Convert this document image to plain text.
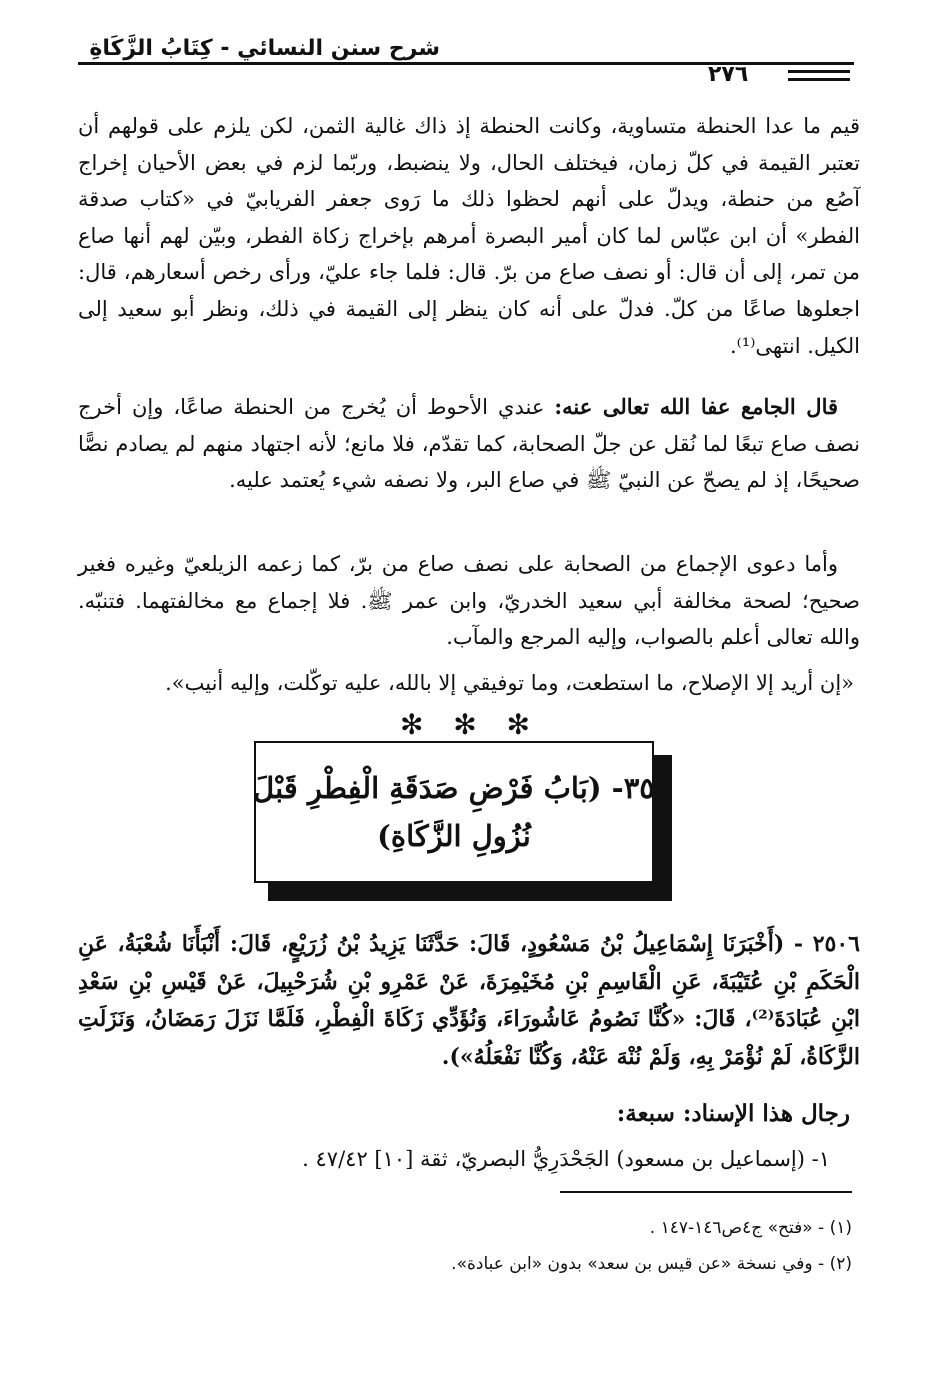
شرح سنن النسائي - كِتَابُ الزَّكَاةِ
٢٧٦
قيم ما عدا الحنطة متساوية، وكانت الحنطة إذ ذاك غالية الثمن، لكن يلزم على قولهم أن تعتبر القيمة في كلّ زمان، فيختلف الحال، ولا ينضبط، وربّما لزم في بعض الأحيان إخراج آصُع من حنطة، ويدلّ على أنهم لحظوا ذلك ما رَوى جعفر الفريابيّ في «كتاب صدقة الفطر» أن ابن عبّاس لما كان أمير البصرة أمرهم بإخراج زكاة الفطر، وبيّن لهم أنها صاع من تمر، إلى أن قال: أو نصف صاع من برّ. قال: فلما جاء عليّ، ورأى رخص أسعارهم، قال: اجعلوها صاعًا من كلّ. فدلّ على أنه كان ينظر إلى القيمة في ذلك، ونظر أبو سعيد إلى الكيل. انتهى⁽¹⁾.
قال الجامع عفا الله تعالى عنه: عندي الأحوط أن يُخرج من الحنطة صاعًا، وإن أخرج نصف صاع تبعًا لما نُقل عن جلّ الصحابة، كما تقدّم، فلا مانع؛ لأنه اجتهاد منهم لم يصادم نصًّا صحيحًا، إذ لم يصحّ عن النبيّ ﷺ في صاع البر، ولا نصفه شيء يُعتمد عليه.
وأما دعوى الإجماع من الصحابة على نصف صاع من برّ، كما زعمه الزيلعيّ وغيره فغير صحيح؛ لصحة مخالفة أبي سعيد الخدريّ، وابن عمر ﷺ. فلا إجماع مع مخالفتهما. فتنبّه. والله تعالى أعلم بالصواب، وإليه المرجع والمآب.
«إن أريد إلا الإصلاح، ما استطعت، وما توفيقي إلا بالله، عليه توكّلت، وإليه أنيب».
✻ ✻ ✻
٣٥- (بَابُ فَرْضِ صَدَقَةِ الْفِطْرِ قَبْلَ
نُزُولِ الزَّكَاةِ)
٢٥٠٦ - (أَخْبَرَنَا إِسْمَاعِيلُ بْنُ مَسْعُودٍ، قَالَ: حَدَّثَنَا يَزِيدُ بْنُ زُرَيْعٍ، قَالَ: أَنْبَأَنَا شُعْبَةُ، عَنِ الْحَكَمِ بْنِ عُتَيْبَةَ، عَنِ الْقَاسِمِ بْنِ مُخَيْمِرَةَ، عَنْ عَمْرِو بْنِ شُرَحْبِيلَ، عَنْ قَيْسِ بْنِ سَعْدِ ابْنِ عُبَادَةَ⁽²⁾، قَالَ: «كُنَّا نَصُومُ عَاشُورَاءَ، وَنُؤَدِّي زَكَاةَ الْفِطْرِ، فَلَمَّا نَزَلَ رَمَضَانُ، وَنَزَلَتِ الزَّكَاةُ، لَمْ نُؤْمَرْ بِهِ، وَلَمْ نُنْهَ عَنْهُ، وَكُنَّا نَفْعَلُهُ»).
رجال هذا الإسناد: سبعة:
١- (إسماعيل بن مسعود) الجَحْدَرِيُّ البصريّ، ثقة [١٠] ٤٧/٤٢ .
(١) - «فتح» ج٤ص١٤٦-١٤٧ .
(٢) - وفي نسخة «عن قيس بن سعد» بدون «ابن عبادة».
